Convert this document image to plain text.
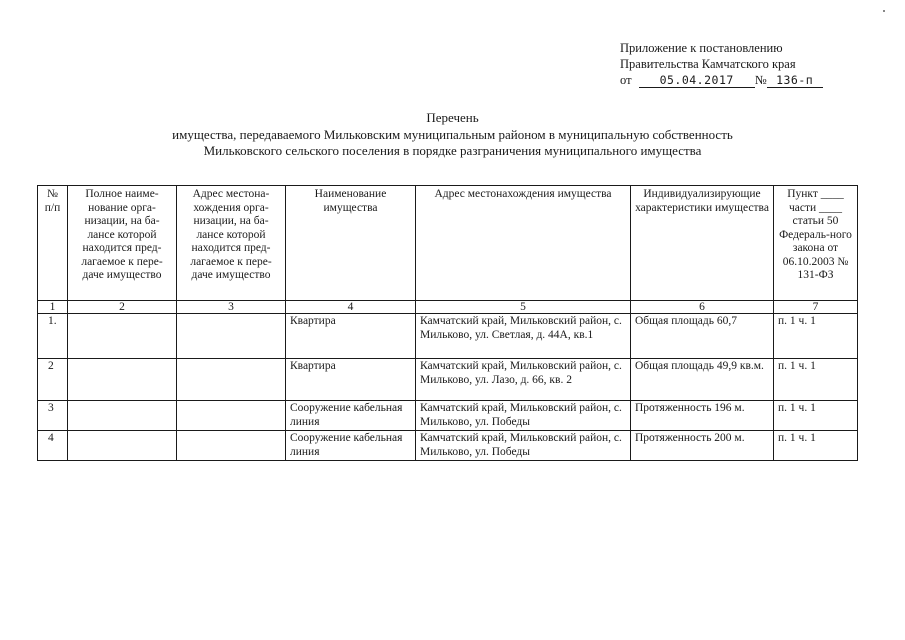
Приложение к постановлению
Правительства Камчатского края
от 05.04.2017 № 136-п
Перечень
имущества, передаваемого Мильковским муниципальным районом в муниципальную собственность
Мильковского сельского поселения в порядке разграничения муниципального имущества
№ п/п	Полное наиме-нование орга-низации, на ба-лансе которой находится пред-лагаемое к пере-даче имущество	Адрес местона-хождения орга-низации, на ба-лансе которой находится пред-лагаемое к пере-даче имущество	Наименование имущества	Адрес местонахождения имущества	Индивидуализирующие характеристики имущества	Пункт ____ части ____ статьи 50 Федераль-ного закона от 06.10.2003 № 131-ФЗ
1	2	3	4	5	6	7
1.			Квартира	Камчатский край, Мильковский район, с. Мильково, ул. Светлая, д. 44А, кв.1	Общая площадь 60,7	п. 1 ч. 1
2			Квартира	Камчатский край, Мильковский район, с. Мильково, ул. Лазо, д. 66, кв. 2	Общая площадь 49,9 кв.м.	п. 1 ч. 1
3			Сооружение кабельная линия	Камчатский край, Мильковский район, с. Мильково, ул. Победы	Протяженность 196 м.	п. 1 ч. 1
4			Сооружение кабельная линия	Камчатский край, Мильковский район, с. Мильково, ул. Победы	Протяженность 200 м.	п. 1 ч. 1
